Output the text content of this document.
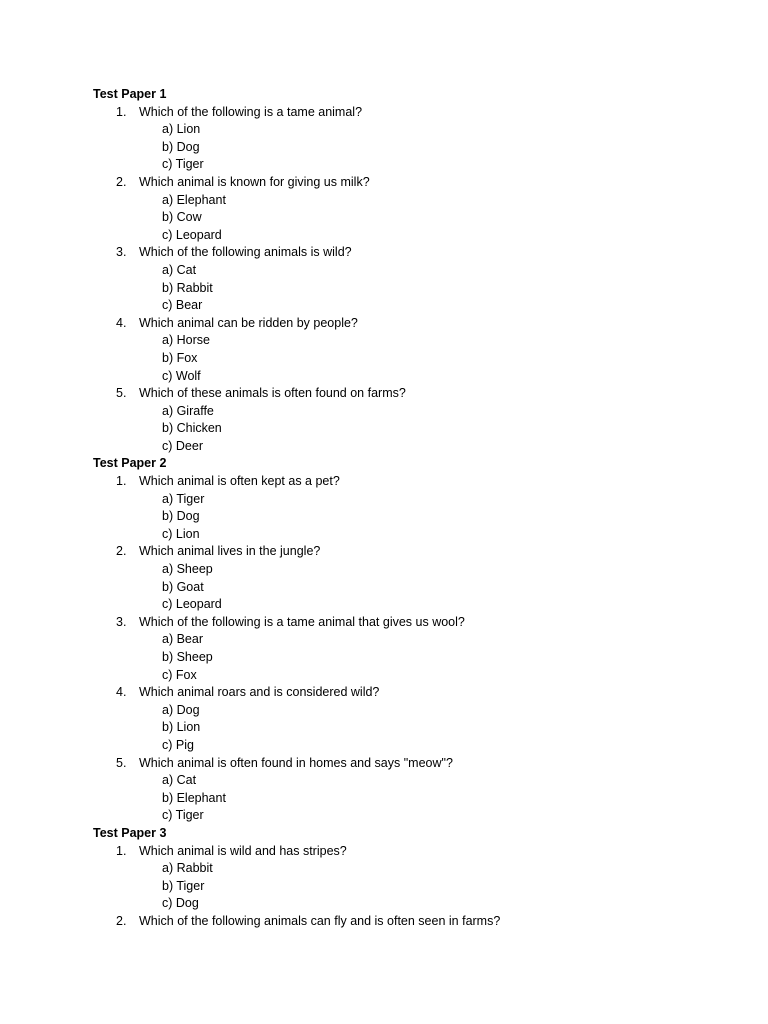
Test Paper 1
1. Which of the following is a tame animal?
a) Lion
b) Dog
c) Tiger
2. Which animal is known for giving us milk?
a) Elephant
b) Cow
c) Leopard
3. Which of the following animals is wild?
a) Cat
b) Rabbit
c) Bear
4. Which animal can be ridden by people?
a) Horse
b) Fox
c) Wolf
5. Which of these animals is often found on farms?
a) Giraffe
b) Chicken
c) Deer
Test Paper 2
1. Which animal is often kept as a pet?
a) Tiger
b) Dog
c) Lion
2. Which animal lives in the jungle?
a) Sheep
b) Goat
c) Leopard
3. Which of the following is a tame animal that gives us wool?
a) Bear
b) Sheep
c) Fox
4. Which animal roars and is considered wild?
a) Dog
b) Lion
c) Pig
5. Which animal is often found in homes and says "meow"?
a) Cat
b) Elephant
c) Tiger
Test Paper 3
1. Which animal is wild and has stripes?
a) Rabbit
b) Tiger
c) Dog
2. Which of the following animals can fly and is often seen in farms?
